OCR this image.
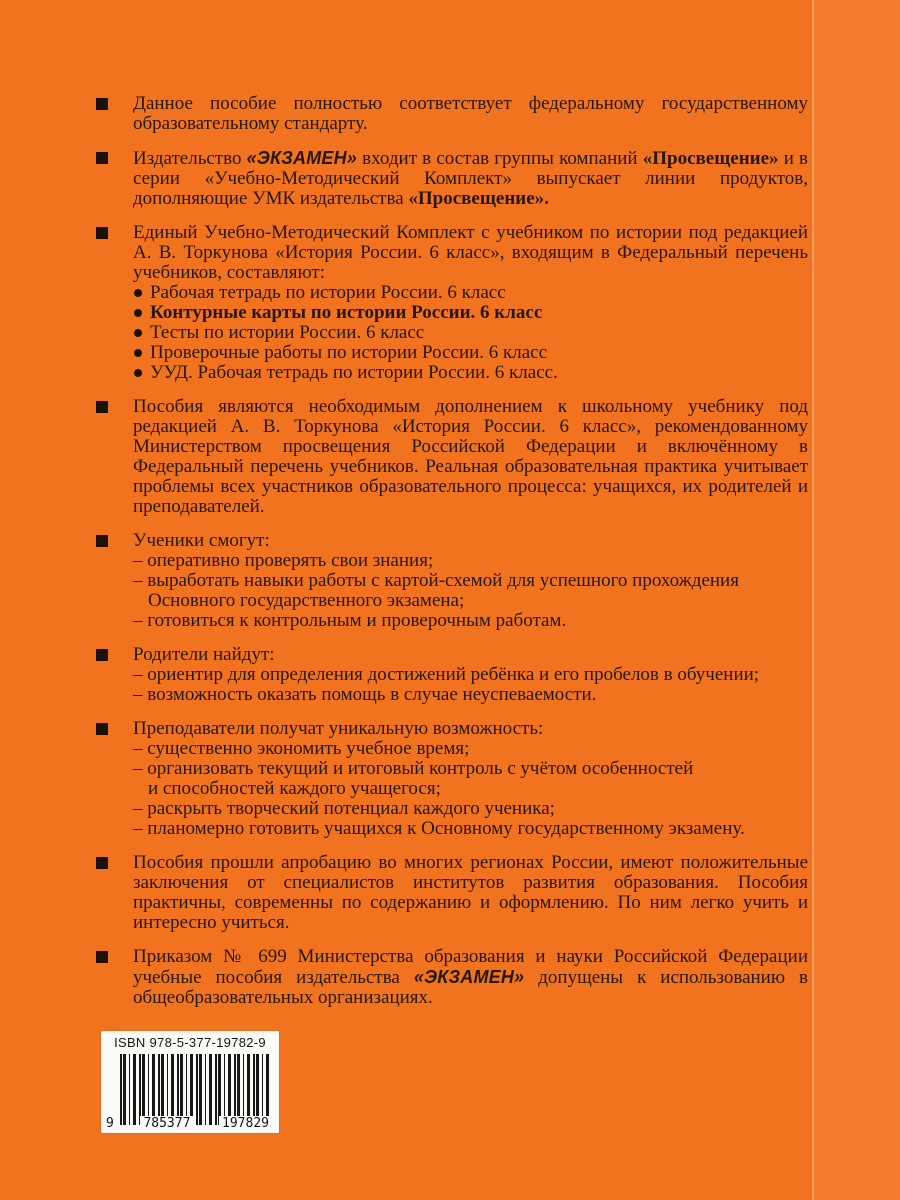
Данное пособие полностью соответствует федеральному государственному образовательному стандарту.

Издательство «ЭКЗАМЕН» входит в состав группы компаний «Просвещение» и в серии «Учебно-Методический Комплект» выпускает линии продуктов, дополняющие УМК издательства «Просвещение».

Единый Учебно-Методический Комплект с учебником по истории под редакцией А. В. Торкунова «История России. 6 класс», входящим в Федеральный перечень учебников, составляют:

Рабочая тетрадь по истории России. 6 класс
Контурные карты по истории России. 6 класс
Тесты по истории России. 6 класс
Проверочные работы по истории России. 6 класс
УУД. Рабочая тетрадь по истории России. 6 класс.

Пособия являются необходимым дополнением к школьному учебнику под редакцией А. В. Торкунова «История России. 6 класс», рекомендованному Министерством просвещения Российской Федерации и включённому в Федеральный перечень учебников. Реальная образовательная практика учитывает проблемы всех участников образовательного процесса: учащихся, их родителей и преподавателей.

Ученики смогут:

– оперативно проверять свои знания;
– выработать навыки работы с картой-схемой для успешного прохождения
Основного государственного экзамена;
– готовиться к контрольным и проверочным работам.

Родители найдут:

– ориентир для определения достижений ребёнка и его пробелов в обучении;
– возможность оказать помощь в случае неуспеваемости.

Преподаватели получат уникальную возможность:

– существенно экономить учебное время;
– организовать текущий и итоговый контроль с учётом особенностей
и способностей каждого учащегося;
– раскрыть творческий потенциал каждого ученика;
– планомерно готовить учащихся к Основному государственному экзамену.

Пособия прошли апробацию во многих регионах России, имеют положительные заключения от специалистов институтов развития образования. Пособия практичны, современны по содержанию и оформлению. По ним легко учить и интересно учиться.

Приказом № 699 Министерства образования и науки Российской Федерации учебные пособия издательства «ЭКЗАМЕН» допущены к использованию в общеобразовательных организациях.

ISBN 978-5-377-19782-9
9 785377 197829
